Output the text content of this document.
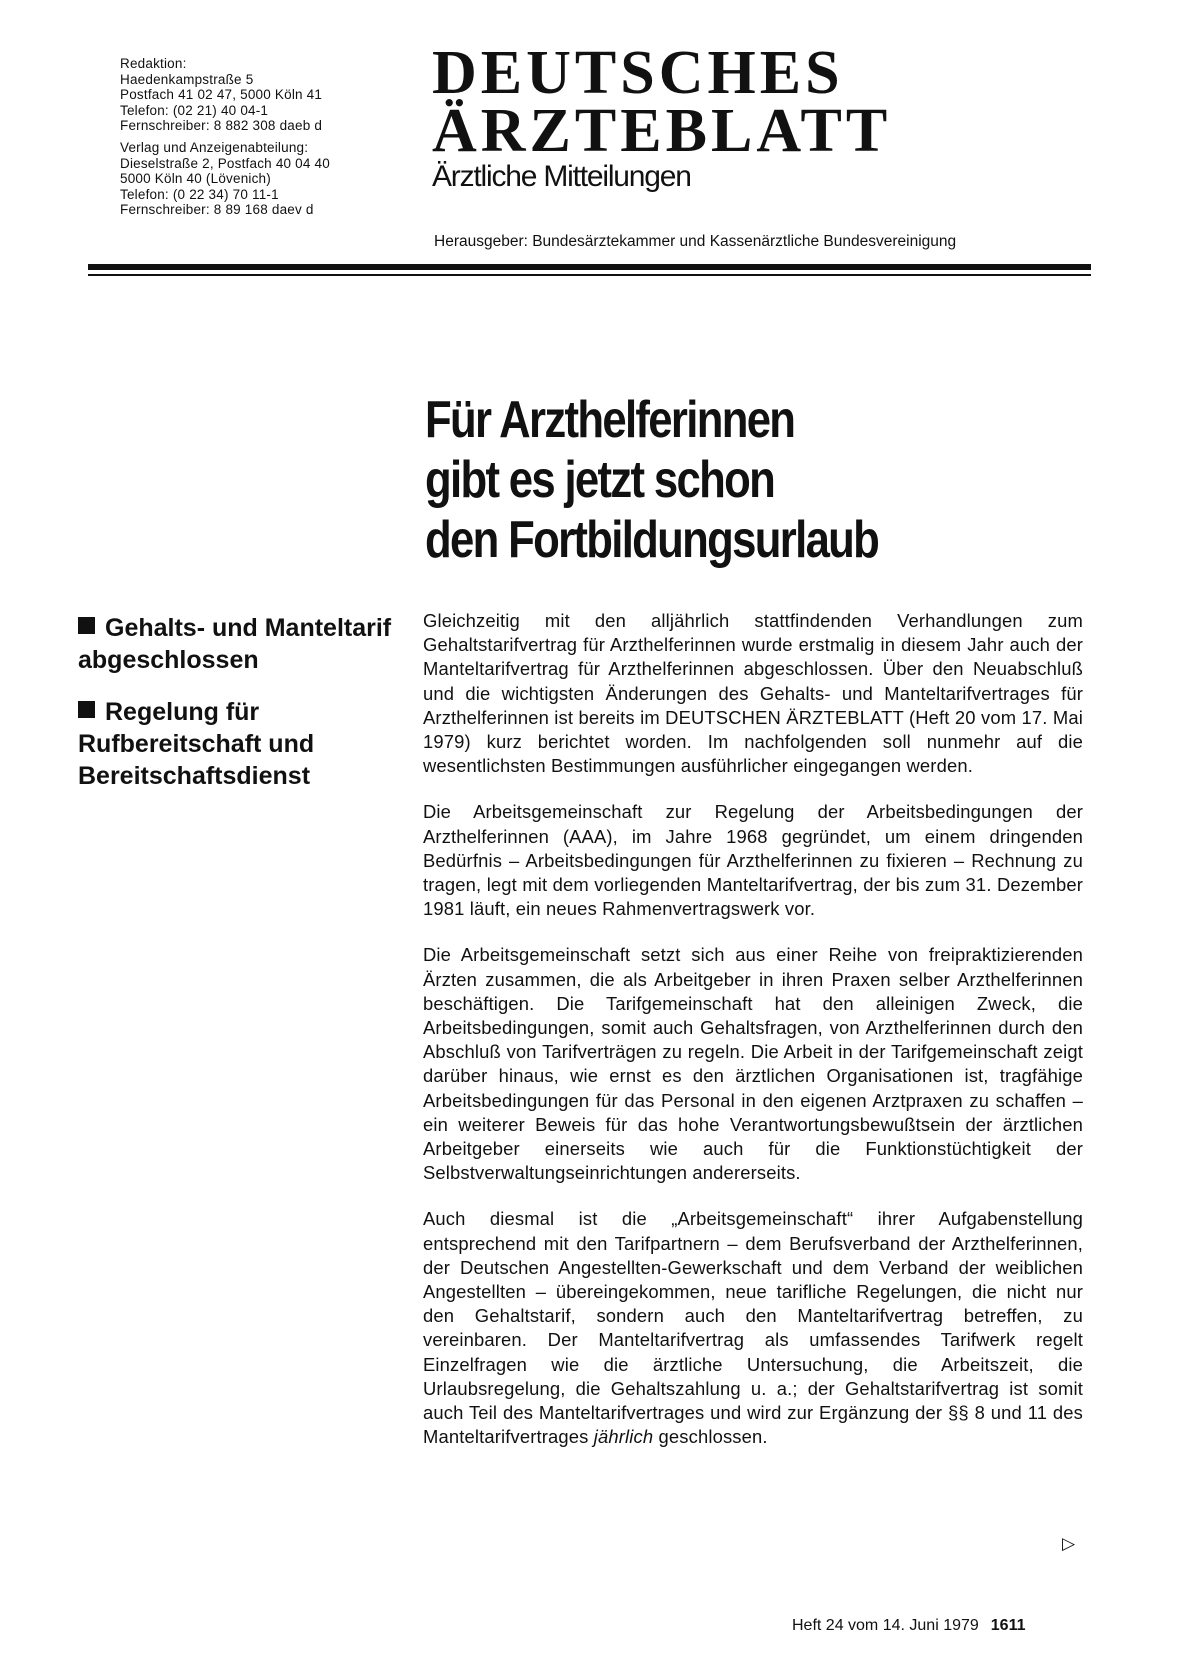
Redaktion:
Haedenkampstraße 5
Postfach 41 02 47, 5000 Köln 41
Telefon: (02 21) 40 04-1
Fernschreiber: 8 882 308 daeb d
Verlag und Anzeigenabteilung:
Dieselstraße 2, Postfach 40 04 40
5000 Köln 40 (Lövenich)
Telefon: (0 22 34) 70 11-1
Fernschreiber: 8 89 168 daev d
DEUTSCHES
ÄRZTEBLATT
Ärztliche Mitteilungen
Herausgeber: Bundesärztekammer und Kassenärztliche Bundesvereinigung
Für Arzthelferinnen
gibt es jetzt schon
den Fortbildungsurlaub
Gehalts- und Manteltarif abgeschlossen
Regelung für Rufbereitschaft und Bereitschaftsdienst

Gleichzeitig mit den alljährlich stattfindenden Verhandlungen zum Gehaltstarifvertrag für Arzthelferinnen wurde erstmalig in diesem Jahr auch der Manteltarifvertrag für Arzthelferinnen abgeschlossen. Über den Neuabschluß und die wichtigsten Änderungen des Gehalts- und Manteltarifvertrages für Arzthelferinnen ist bereits im DEUTSCHEN ÄRZTEBLATT (Heft 20 vom 17. Mai 1979) kurz berichtet worden. Im nachfolgenden soll nunmehr auf die wesentlichsten Bestimmungen ausführlicher eingegangen werden.

Die Arbeitsgemeinschaft zur Regelung der Arbeitsbedingungen der Arzthelferinnen (AAA), im Jahre 1968 gegründet, um einem dringenden Bedürfnis – Arbeitsbedingungen für Arzthelferinnen zu fixieren – Rechnung zu tragen, legt mit dem vorliegenden Manteltarifvertrag, der bis zum 31. Dezember 1981 läuft, ein neues Rahmenvertragswerk vor.

Die Arbeitsgemeinschaft setzt sich aus einer Reihe von freipraktizierenden Ärzten zusammen, die als Arbeitgeber in ihren Praxen selber Arzthelferinnen beschäftigen. Die Tarifgemeinschaft hat den alleinigen Zweck, die Arbeitsbedingungen, somit auch Gehaltsfragen, von Arzthelferinnen durch den Abschluß von Tarifverträgen zu regeln. Die Arbeit in der Tarifgemeinschaft zeigt darüber hinaus, wie ernst es den ärztlichen Organisationen ist, tragfähige Arbeitsbedingungen für das Personal in den eigenen Arztpraxen zu schaffen – ein weiterer Beweis für das hohe Verantwortungsbewußtsein der ärztlichen Arbeitgeber einerseits wie auch für die Funktionstüchtigkeit der Selbstverwaltungseinrichtungen andererseits.

Auch diesmal ist die „Arbeitsgemeinschaft“ ihrer Aufgabenstellung entsprechend mit den Tarifpartnern – dem Berufsverband der Arzthelferinnen, der Deutschen Angestellten-Gewerkschaft und dem Verband der weiblichen Angestellten – übereingekommen, neue tarifliche Regelungen, die nicht nur den Gehaltstarif, sondern auch den Manteltarifvertrag betreffen, zu vereinbaren. Der Manteltarifvertrag als umfassendes Tarifwerk regelt Einzelfragen wie die ärztliche Untersuchung, die Arbeitszeit, die Urlaubsregelung, die Gehaltszahlung u. a.; der Gehaltstarifvertrag ist somit auch Teil des Manteltarifvertrages und wird zur Ergänzung der §§ 8 und 11 des Manteltarifvertrages jährlich geschlossen.

▷
Heft 24 vom 14. Juni 1979 1611
